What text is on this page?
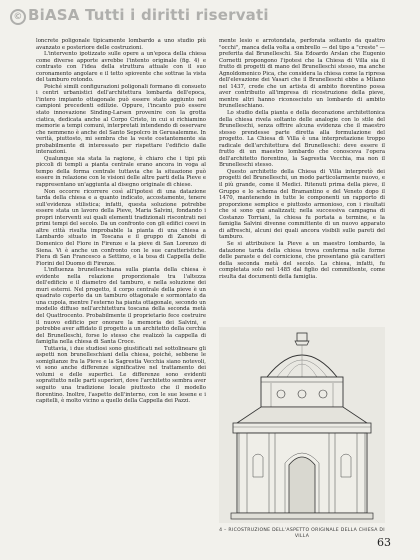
© BiASA Tutti i diritti riservati

loncrete poligonale tipicamente lombardo a uno studio più avanzato e posteriore delle costruzioni.

L'intervento ipotizzato sulle opere a un'epoca della chiesa come diverse apporte avrebbe l'intento originale (fig. 4) e contrasto con l'idea della struttura attuale con il suo coronamento angolare e il tetto spiovente che sottrae la vista del tamburo rotondo.

Poiché simili configurazioni poligonali formano di consueto i centri urbanistici dell'architettura lombarda dell'epoca, l'intero impianto ottagonale può essere stato aggiunto nei campioni precedenti edilizie. Oppure, l'incanto può essere stato innovazione Sinding-Larsen provenire con la grotta ciatica, dedicata anche al Corpo Cristo, in cui si richiamino memorie a tempi comuni, interpretati intendendo di osservare che nemmeno è anche del Santo Sepolcro in Gerusalemme. In verità, piuttosto, mi sembra che la veste costantemente sia probabilmente di interessato per rispettare l'edificio dalle interazioni.

Qualunque sia stata la ragione, è chiaro che i tipi più piccoli di templi a pianta centrale erano ancora in voga al tempo della forma centrale tuttavia che la situazione può essere in relazione con le visioni delle altre parti della Pieve e rappresentano un'aggiunta al disegno originale di chiese.

Non occorre ricorrere così all'ipotesi di una datazione tarda della chiesa e a quanto indicato, accostamente, tenere sull'evidenza stilistica; infatti, questa soluzione potrebbe essere stata un lavoro della Pieve, Maria Salvini, fondando i propri interventi sui quali elementi tradizionali riscontrati nei primi tempi del secolo. Da un confronto con gli edifici coevi in altre città risulta improbabile la pianta di una chiesa a Lambardo situato in Toscana e il gruppo di Zanobi di Domenico del Fiore in Firenze e la pieve di San Lorenzo di Siena. Vi è anche un confronto con le sue caratteristiche. Fiera di San Francesco a Settimo, e la tesa di Cappella delle Fiorini del Duomo di Firenze.

L'influenza brunelleschiana sulla pianta della chiesa è evidente nella relazione proporzionale tra l'altezza dell'edificio e il diametro del tamburo, e nella soluzione dei muri esterni. Nel progetto, il corpo centrale della pieve è un quadrato coperto da un tamburo ottagonale e sormontato da una cupola, mentre l'esterno ha pianta ottagonale, secondo un modello diffuso nell'architettura toscana della seconda metà del Quattrocento. Probabilmente il proprietario fece costruire il nuovo edificio per onorare la memoria dei Salvini, e potrebbe aver affidato il progetto a un architetto della cerchia del Brunelleschi, forse lo stesso che realizzò la cappella di famiglia nella chiesa di Santa Croce.

Tuttavia, i due studiosi sono giustificati nel sottolineare gli aspetti non brunelleschiani della chiesa, poiché, sebbene le somiglianze fra la Pieve e la Sagrestia Vecchia siano notevoli, vi sono anche differenze significative nel trattamento dei volumi e delle superfici. Le differenze sono evidenti soprattutto nelle parti superiori, dove l'architetto sembra aver seguito una tradizione locale piuttosto che il modello fiorentino. Inoltre, l'aspetto dell'interno, con le sue lesene e i capitelli, è molto vicino a quello della Cappella dei Pazzi.

mente lesio e arrotondata, perforata soltanto da quattro "occhi", manca della volta a ombrello — del tipo a "creste" — preferita dal Brunelleschi. Sia Edoardo Arslan che Eugenio Cornetti propongono l'ipotesi che la Chiesa di Villa sia il frutto di progetti di mano del Brunelleschi stesso, ma anche Agnoldomenico Pica, che considera la chiesa come la ripresa dell'elevazione dei Vasari che il Brunelleschi ebbe a Milano nel 1437, crede che un artista di ambito fiorentino possa aver contribuito all'impresa di ricostruzione della pieve, mentre altri hanno riconosciuto un lombardo di ambito brunelleschiano.

Lo studio della pianta e della decorazione architettonica della chiesa rivela soltanto delle analogie con lo stile del Brunelleschi, senza offrire alcuna evidenza che il maestro stesso prendesse parte diretta alla formulazione del progetto. La Chiesa di Villa è una interpretazione troppo radicale dell'architettura del Brunelleschi: deve essere il frutto di un maestro lombardo che conosceva l'opera dell'architetto fiorentino, la Sagrestia Vecchia, ma non il Brunelleschi stesso.

Questo architetto della Chiesa di Villa interpretò dei progetti del Brunelleschi, un modo particolarmente nuovo, e il più grande, come il Medici. Ritenuti prima della pieve, il Gruppo e lo schema del Bramantino e del Veneto dopo il 1470, mantenendo in tutte le componenti un rapporto di proporzione semplice e piuttosto armonioso, con i risultati che si sono qui analizzati; nella successiva campagna di Costanzo Torriani, la chiesa fu portata a termine, e la famiglia Salvini divenne committente di un nuovo apparato di affreschi, alcuni dei quali ancora visibili sulle pareti del tamburo.

Se si attribuisce la Pieve a un maestro lombardo, la datazione tarda della chiesa trova conferma nelle forme delle paraste e del cornicione, che presentano già caratteri della seconda metà del secolo. La chiesa, infatti, fu completata solo nel 1485 dal figlio del committente, come risulta dai documenti della famiglia.

4 – RICOSTRUZIONE DELL'ASPETTO ORIGINALE DELLA CHIESA DI VILLA	63
